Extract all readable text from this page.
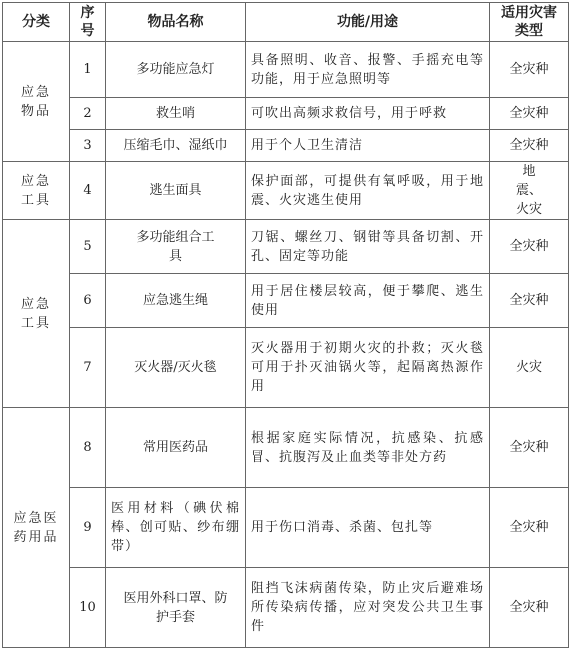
分类	序号	物品名称	功能/用途	适用灾害类型

应急物品	1	多功能应急灯	具备照明、收音、报警、手摇充电等功能，用于应急照明等	全灾种
	2	救生哨	可吹出高频求救信号，用于呼救	全灾种
	3	压缩毛巾、湿纸巾	用于个人卫生清洁	全灾种

应急工具	4	逃生面具	保护面部，可提供有氧呼吸，用于地震、火灾逃生使用	地震、火灾

应急工具	5	多功能组合工具	刀锯、螺丝刀、钢钳等具备切割、开孔、固定等功能	全灾种
	6	应急逃生绳	用于居住楼层较高，便于攀爬、逃生使用	全灾种
	7	灭火器/灭火毯	灭火器用于初期火灾的扑救；灭火毯可用于扑灭油锅火等，起隔离热源作用	火灾

应急医药用品	8	常用医药品	根据家庭实际情况，抗感染、抗感冒、抗腹泻及止血类等非处方药	全灾种
	9	医用材料（碘伏棉棒、创可贴、纱布绷带）	用于伤口消毒、杀菌、包扎等	全灾种
	10	医用外科口罩、防护手套	阻挡飞沫病菌传染，防止灾后避难场所传染病传播，应对突发公共卫生事件	全灾种
